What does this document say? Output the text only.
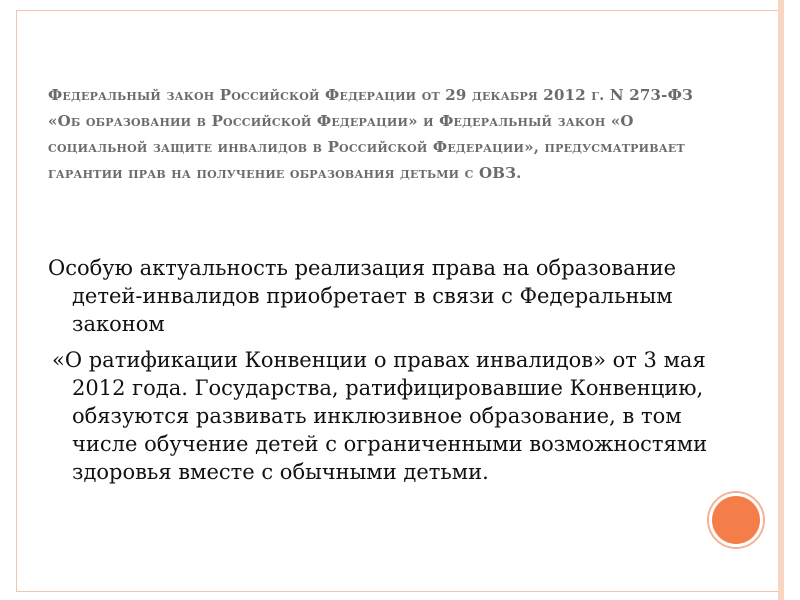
Федеральный закон Российской Федерации от 29 декабря 2012 г. N 273-ФЗ «Об образовании в Российской Федерации» и Федеральный закон «О социальной защите инвалидов в Российской Федерации», предусматривает гарантии прав на получение образования детьми с ОВЗ.

Особую актуальность реализация права на образование детей-инвалидов приобретает в связи с Федеральным законом

«О ратификации Конвенции о правах инвалидов» от 3 мая 2012 года. Государства, ратифицировавшие Конвенцию, обязуются развивать инклюзивное образование, в том числе обучение детей с ограниченными возможностями здоровья вместе с обычными детьми.
